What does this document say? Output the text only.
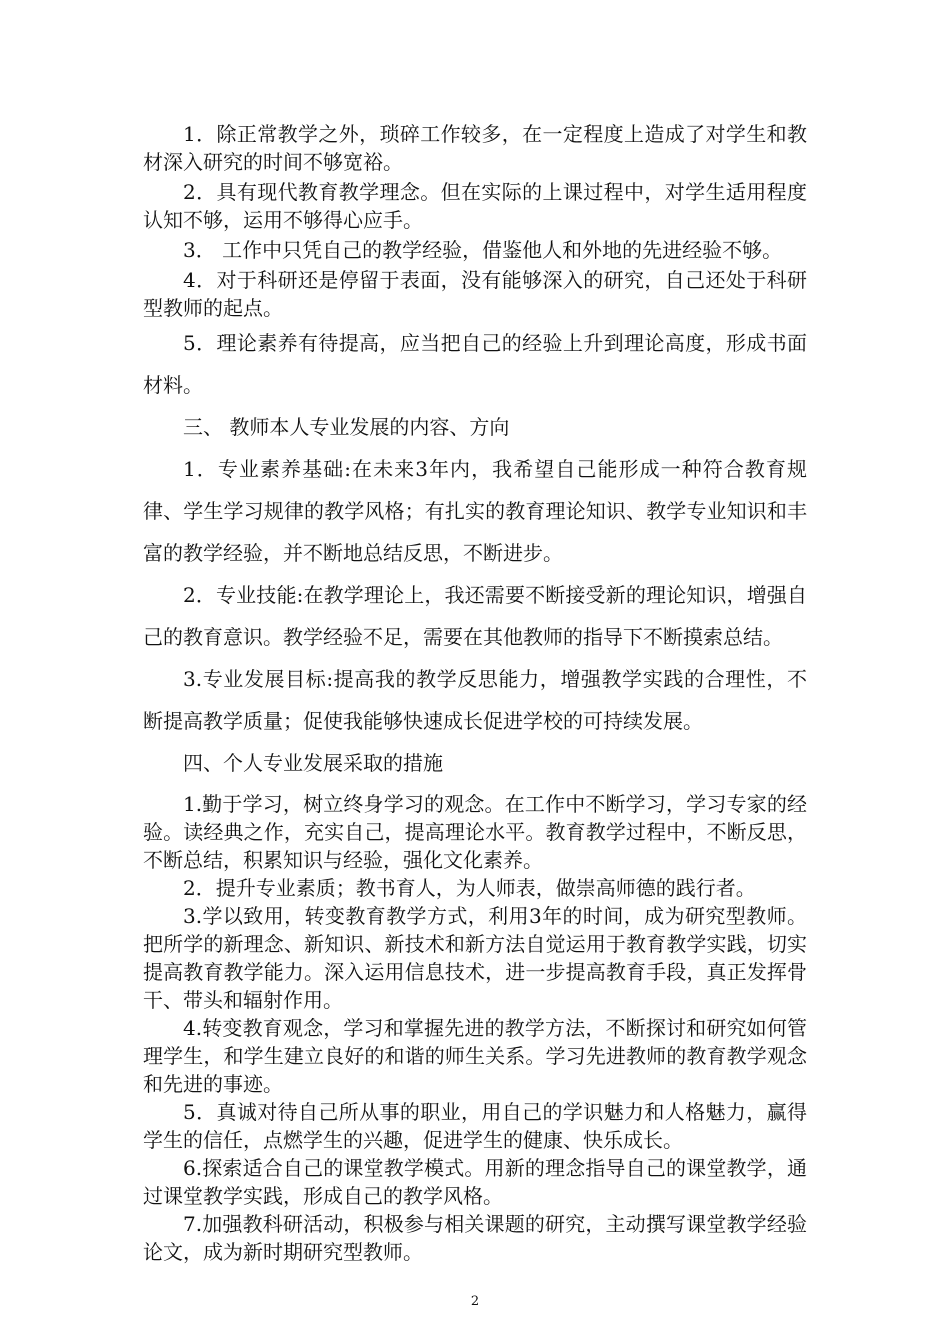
1．除正常教学之外，琐碎工作较多，在一定程度上造成了对学生和教材深入研究的时间不够宽裕。

2．具有现代教育教学理念。但在实际的上课过程中，对学生适用程度认知不够，运用不够得心应手。

3． 工作中只凭自己的教学经验，借鉴他人和外地的先进经验不够。

4．对于科研还是停留于表面，没有能够深入的研究，自己还处于科研型教师的起点。

5．理论素养有待提高，应当把自己的经验上升到理论高度，形成书面材料。

三、 教师本人专业发展的内容、方向

1．专业素养基础:在未来3年内，我希望自己能形成一种符合教育规律、学生学习规律的教学风格；有扎实的教育理论知识、教学专业知识和丰富的教学经验，并不断地总结反思，不断进步。

2．专业技能:在教学理论上，我还需要不断接受新的理论知识，增强自己的教育意识。教学经验不足，需要在其他教师的指导下不断摸索总结。

3.专业发展目标:提高我的教学反思能力，增强教学实践的合理性，不断提高教学质量；促使我能够快速成长促进学校的可持续发展。

四、个人专业发展采取的措施

1.勤于学习，树立终身学习的观念。在工作中不断学习，学习专家的经验。读经典之作，充实自己，提高理论水平。教育教学过程中，不断反思，不断总结，积累知识与经验，强化文化素养。

2．提升专业素质；教书育人，为人师表，做崇高师德的践行者。

3.学以致用，转变教育教学方式，利用3年的时间，成为研究型教师。把所学的新理念、新知识、新技术和新方法自觉运用于教育教学实践，切实提高教育教学能力。深入运用信息技术，进一步提高教育手段，真正发挥骨干、带头和辐射作用。

4.转变教育观念，学习和掌握先进的教学方法，不断探讨和研究如何管理学生，和学生建立良好的和谐的师生关系。学习先进教师的教育教学观念和先进的事迹。

5．真诚对待自己所从事的职业，用自己的学识魅力和人格魅力，赢得学生的信任，点燃学生的兴趣，促进学生的健康、快乐成长。

6.探索适合自己的课堂教学模式。用新的理念指导自己的课堂教学，通过课堂教学实践，形成自己的教学风格。

7.加强教科研活动，积极参与相关课题的研究，主动撰写课堂教学经验论文，成为新时期研究型教师。

2
